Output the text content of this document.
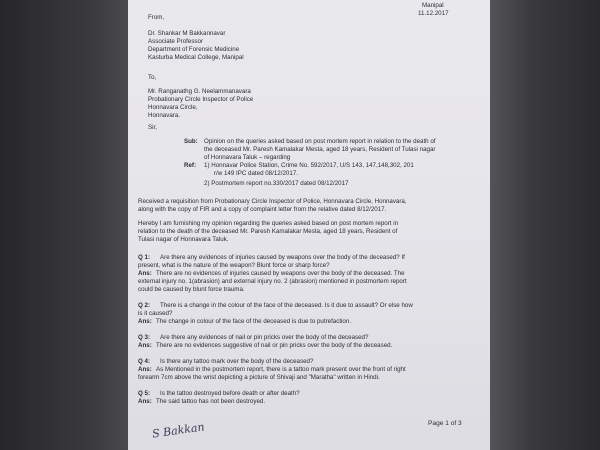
Manipal
11.12.2017
From,
Dr. Shankar M Bakkannavar
Associate Professor
Department of Forensic Medicine
Kasturba Medical College, Manipal
To,
Mr. Ranganathg G. Neelammanavara
Probationary Circle Inspector of Police
Honnavara Circle,
Honnavara.
Sir,
Sub: Opinion on the queries asked based on post mortem report in relation to the death of
the deceased Mr. Paresh Kamalakar Mesta, aged 18 years, Resident of Tulasi nagar
of Honnavara Taluk – regarding
Ref: 1) Honnavar Police Station, Crime No. 592/2017, U/S 143, 147,148,302, 201
r/w 149 IPC dated 08/12/2017.
2) Postmortem report no.330/2017 dated 08/12/2017
Received a requisition from Probationary Circle Inspector of Police, Honnavara Circle, Honnavara,
along with the copy of FIR and a copy of complaint letter from the relative dated 8/12/2017.
Hereby I am furnishing my opinion regarding the queries asked based on post mortem report in
relation to the death of the deceased Mr. Paresh Kamalakar Mesta, aged 18 years, Resident of
Tulasi nagar of Honnavara Taluk.
Q 1: Are there any evidences of injuries caused by weapons over the body of the deceased? If
present, what is the nature of the weapon? Blunt force or sharp force?
Ans: There are no evidences of injuries caused by weapons over the body of the deceased. The
external injury no. 1(abrasion) and external injury no. 2 (abrasion) mentioned in postmortem report
could be caused by blunt force trauma.
Q 2: There is a change in the colour of the face of the deceased. Is it due to assault? Or else how
is it caused?
Ans: The change in colour of the face of the deceased is due to putrefaction.
Q 3: Are there any evidences of nail or pin pricks over the body of the deceased?
Ans: There are no evidences suggestive of nail or pin pricks over the body of the deceased.
Q 4: Is there any tattoo mark over the body of the deceased?
Ans: As Mentioned in the postmortem report, there is a tattoo mark present over the front of right
forearm 7cm above the wrist depicting a picture of Shivaji and "Maratha" written in Hindi.
Q 5: Is the tattoo destroyed before death or after death?
Ans: The said tattoo has not been destroyed.
S Bakkan	Page 1 of 3
